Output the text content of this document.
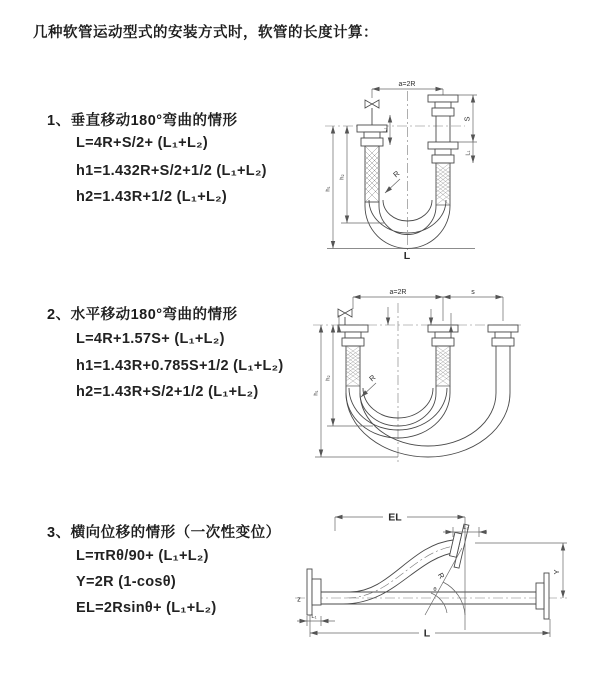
几种软管运动型式的安装方式时，软管的长度计算：
1、垂直移动180°弯曲的情形
L=4R+S/2+ (L₁+L₂)
h1=1.432R+S/2+1/2 (L₁+L₂)
h2=1.43R+1/2 (L₁+L₂)
2、水平移动180°弯曲的情形
L=4R+1.57S+ (L₁+L₂)
h1=1.43R+0.785S+1/2 (L₁+L₂)
h2=1.43R+S/2+1/2 (L₁+L₂)
3、横向位移的情形（一次性变位）
L=πRθ/90+ (L₁+L₂)
Y=2R (1-cosθ)
EL=2Rsinθ+ (L₁+L₂)
a=2R
h₁
h₂
L₁
S
L₁
R
L
a=2R	s
h₁
h₂	R
z
EL
L₂
Y
R
θ
L
L₁
